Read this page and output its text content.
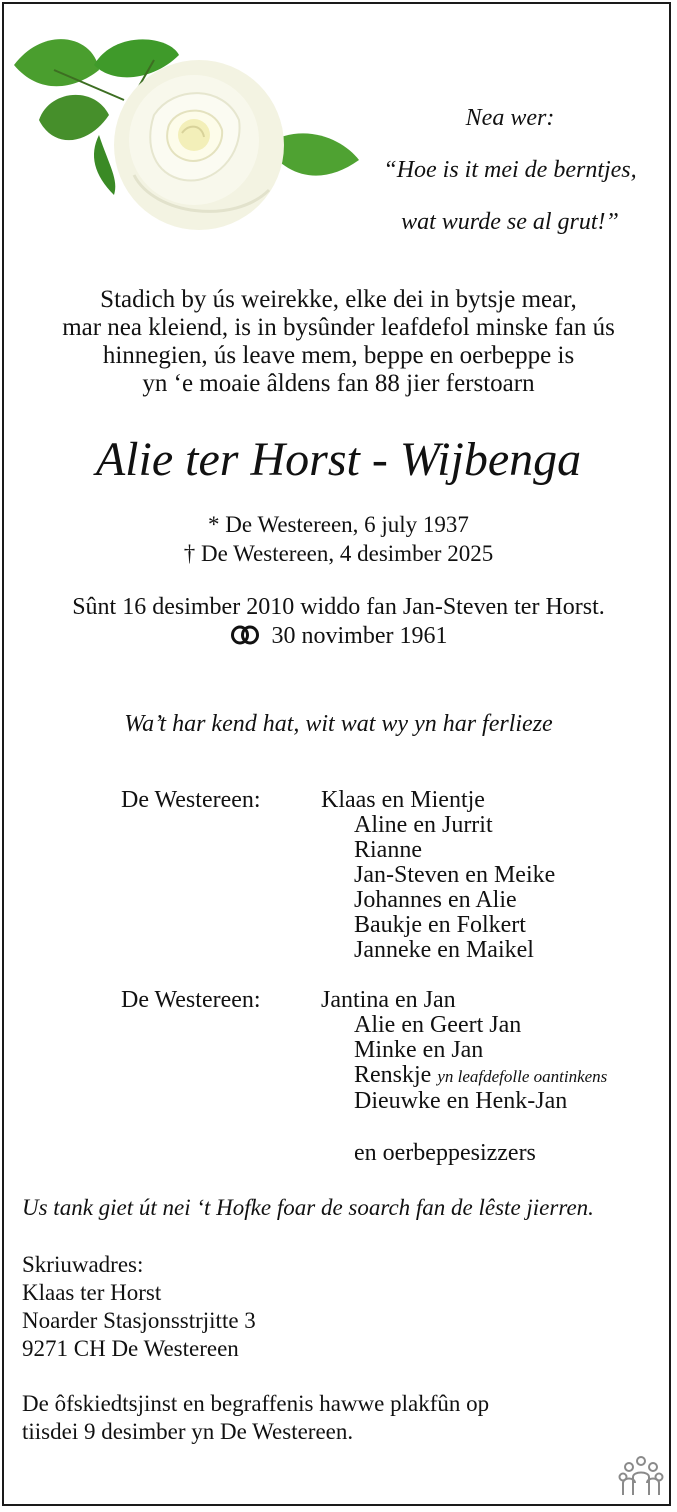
Nea wer:
“Hoe is it mei de berntjes,
wat wurde se al grut!”
Stadich by ús weirekke, elke dei in bytsje mear,
mar nea kleiend, is in bysûnder leafdefol minske fan ús
hinnegien, ús leave mem, beppe en oerbeppe is
yn ‘e moaie âldens fan 88 jier ferstoarn
Alie ter Horst - Wijbenga
* De Westereen, 6 july 1937
† De Westereen, 4 desimber 2025
Sûnt 16 desimber 2010 widdo fan Jan-Steven ter Horst.
30 novimber 1961
Wa’t har kend hat, wit wat wy yn har ferlieze
De Westereen:	Klaas en Mientje
Aline en Jurrit
Rianne
Jan-Steven en Meike
Johannes en Alie
Baukje en Folkert
Janneke en Maikel
De Westereen:	Jantina en Jan
Alie en Geert Jan
Minke en Jan
Renskje yn leafdefolle oantinkens
Dieuwke en Henk-Jan
en oerbeppesizzers
Us tank giet út nei ‘t Hofke foar de soarch fan de lêste jierren.
Skriuwadres:
Klaas ter Horst
Noarder Stasjonsstrjitte 3
9271 CH De Westereen
De ôfskiedtsjinst en begraffenis hawwe plakfûn op
tiisdei 9 desimber yn De Westereen.
